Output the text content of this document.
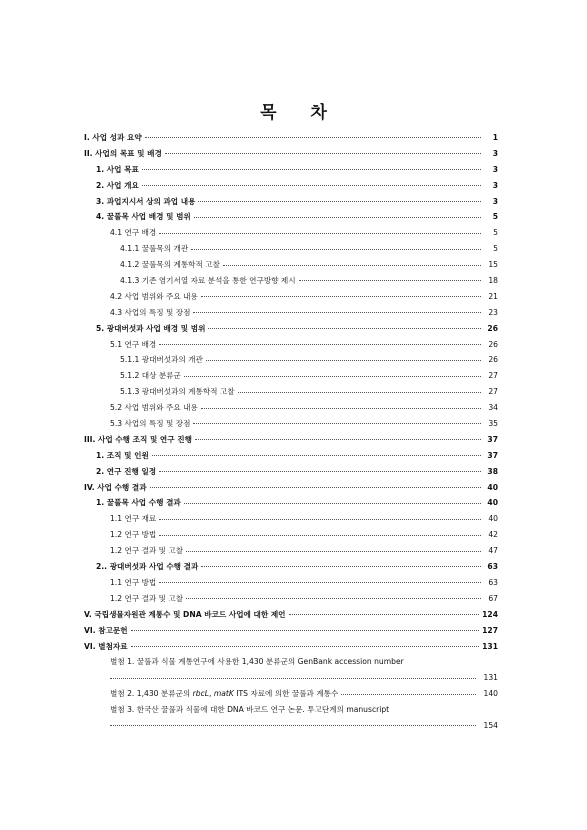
목 차
I. 사업 성과 요약	1
II. 사업의 목표 및 배경	3
1. 사업 목표	3
2. 사업 개요	3
3. 과업지시서 상의 과업 내용	3
4. 꿀풀목 사업 배경 및 범위	5
4.1 연구 배경	5
4.1.1 꿀풀목의 개관	5
4.1.2 꿀풀목의 계통학적 고찰	15
4.1.3 기존 염기서열 자료 분석을 통한 연구방향 제시	18
4.2 사업 범위와 주요 내용	21
4.3 사업의 특징 및 장점	23
5. 광대버섯과 사업 배경 및 범위	26
5.1 연구 배경	26
5.1.1 광대버섯과의 개관	26
5.1.2 대상 분류군	27
5.1.3 광대버섯과의 계통학적 고찰	27
5.2 사업 범위와 주요 내용	34
5.3 사업의 특징 및 장점	35
III. 사업 수행 조직 및 연구 진행	37
1. 조직 및 인원	37
2. 연구 진행 일정	38
IV. 사업 수행 결과	40
1. 꿀풀목 사업 수행 결과	40
1.1 연구 재료	40
1.2 연구 방법	42
1.2 연구 결과 및 고찰	47
2.. 광대버섯과 사업 수행 결과	63
1.1 연구 방법	63
1.2 연구 결과 및 고찰	67
V. 국립생물자원관 계통수 및 DNA 바코드 사업에 대한 제언	124
VI. 참고문헌	127
VI. 별첨자료	131
별첨 1. 꿀풀과 식물 계통연구에 사용한 1,430 분류군의 GenBank accession number
131
별첨 2. 1,430 분류군의 rbcL, matK ITS 자료에 의한 꿀풀과 계통수	140
별첨 3. 한국산 꿀풀과 식물에 대한 DNA 바코드 연구 논문. 투고단계의 manuscript
154
